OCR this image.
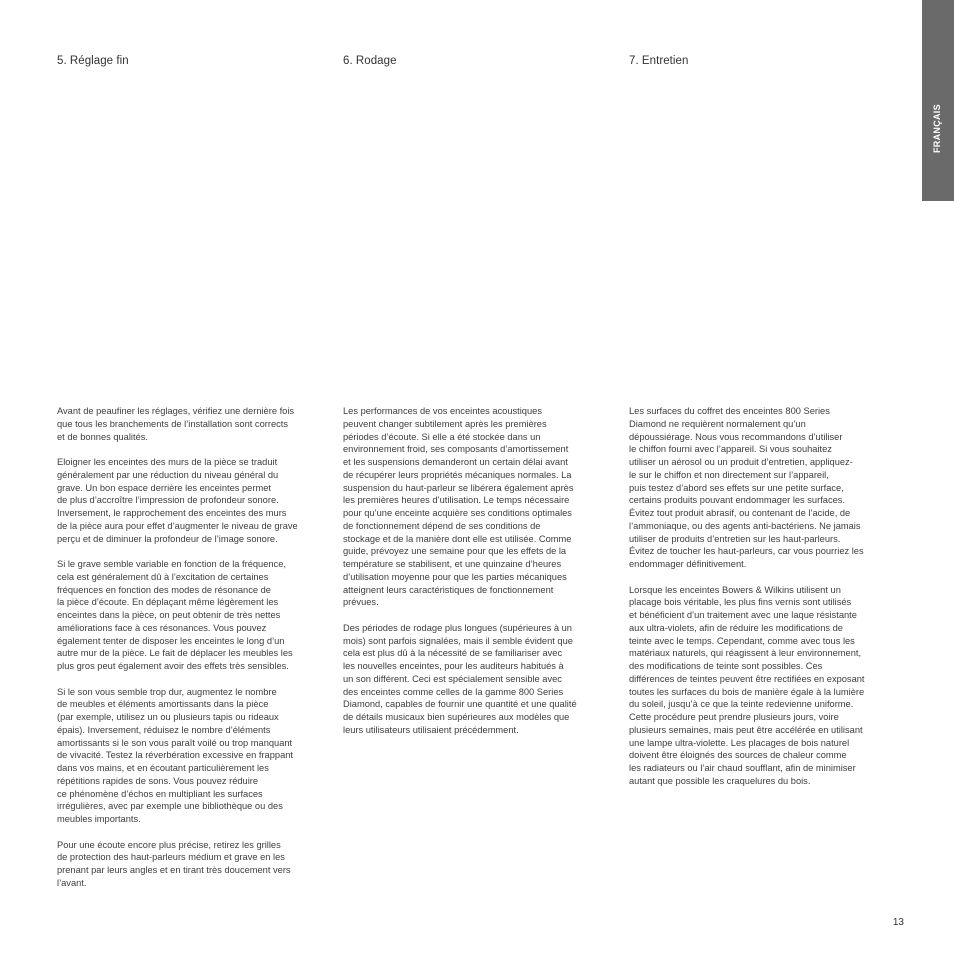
FRANÇAIS
5. Réglage fin	6. Rodage	7. Entretien

Avant de peaufiner les réglages, vérifiez une dernière fois
que tous les branchements de l’installation sont corrects
et de bonnes qualités.

Eloigner les enceintes des murs de la pièce se traduit
généralement par une réduction du niveau général du
grave. Un bon espace derrière les enceintes permet
de plus d’accroître l’impression de profondeur sonore.
Inversement, le rapprochement des enceintes des murs
de la pièce aura pour effet d’augmenter le niveau de grave
perçu et de diminuer la profondeur de l’image sonore.

Si le grave semble variable en fonction de la fréquence,
cela est généralement dû à l’excitation de certaines
fréquences en fonction des modes de résonance de
la pièce d’écoute. En déplaçant même légèrement les
enceintes dans la pièce, on peut obtenir de très nettes
améliorations face à ces résonances. Vous pouvez
également tenter de disposer les enceintes le long d’un
autre mur de la pièce. Le fait de déplacer les meubles les
plus gros peut également avoir des effets très sensibles.

Si le son vous semble trop dur, augmentez le nombre
de meubles et éléments amortissants dans la pièce
(par exemple, utilisez un ou plusieurs tapis ou rideaux
épais). Inversement, réduisez le nombre d’éléments
amortissants si le son vous paraît voilé ou trop manquant
de vivacité. Testez la réverbération excessive en frappant
dans vos mains, et en écoutant particulièrement les
répétitions rapides de sons. Vous pouvez réduire
ce phénomène d’échos en multipliant les surfaces
irrégulières, avec par exemple une bibliothèque ou des
meubles importants.

Pour une écoute encore plus précise, retirez les grilles
de protection des haut-parleurs médium et grave en les
prenant par leurs angles et en tirant très doucement vers
l’avant.

Les performances de vos enceintes acoustiques
peuvent changer subtilement après les premières
périodes d’écoute. Si elle a été stockée dans un
environnement froid, ses composants d’amortissement
et les suspensions demanderont un certain délai avant
de récupérer leurs propriétés mécaniques normales. La
suspension du haut-parleur se libérera également après
les premières heures d’utilisation. Le temps nécessaire
pour qu’une enceinte acquière ses conditions optimales
de fonctionnement dépend de ses conditions de
stockage et de la manière dont elle est utilisée. Comme
guide, prévoyez une semaine pour que les effets de la
température se stabilisent, et une quinzaine d’heures
d’utilisation moyenne pour que les parties mécaniques
atteignent leurs caractéristiques de fonctionnement
prévues.

Des périodes de rodage plus longues (supérieures à un
mois) sont parfois signalées, mais il semble évident que
cela est plus dû à la nécessité de se familiariser avec
les nouvelles enceintes, pour les auditeurs habitués à
un son différent. Ceci est spécialement sensible avec
des enceintes comme celles de la gamme 800 Series
Diamond, capables de fournir une quantité et une qualité
de détails musicaux bien supérieures aux modèles que
leurs utilisateurs utilisaient précédemment.

Les surfaces du coffret des enceintes 800 Series
Diamond ne requièrent normalement qu’un
dépoussiérage. Nous vous recommandons d’utiliser
le chiffon fourni avec l’appareil. Si vous souhaitez
utiliser un aérosol ou un produit d’entretien, appliquez-
le sur le chiffon et non directement sur l’appareil,
puis testez d’abord ses effets sur une petite surface,
certains produits pouvant endommager les surfaces.
Évitez tout produit abrasif, ou contenant de l’acide, de
l’ammoniaque, ou des agents anti-bactériens. Ne jamais
utiliser de produits d’entretien sur les haut-parleurs.
Évitez de toucher les haut-parleurs, car vous pourriez les
endommager définitivement.

Lorsque les enceintes Bowers & Wilkins utilisent un
placage bois véritable, les plus fins vernis sont utilisés
et bénéficient d’un traitement avec une laque résistante
aux ultra-violets, afin de réduire les modifications de
teinte avec le temps. Cependant, comme avec tous les
matériaux naturels, qui réagissent à leur environnement,
des modifications de teinte sont possibles. Ces
différences de teintes peuvent être rectifiées en exposant
toutes les surfaces du bois de manière égale à la lumière
du soleil, jusqu’à ce que la teinte redevienne uniforme.
Cette procédure peut prendre plusieurs jours, voire
plusieurs semaines, mais peut être accélérée en utilisant
une lampe ultra-violette. Les placages de bois naturel
doivent être éloignés des sources de chaleur comme
les radiateurs ou l’air chaud soufflant, afin de minimiser
autant que possible les craquelures du bois.

13
